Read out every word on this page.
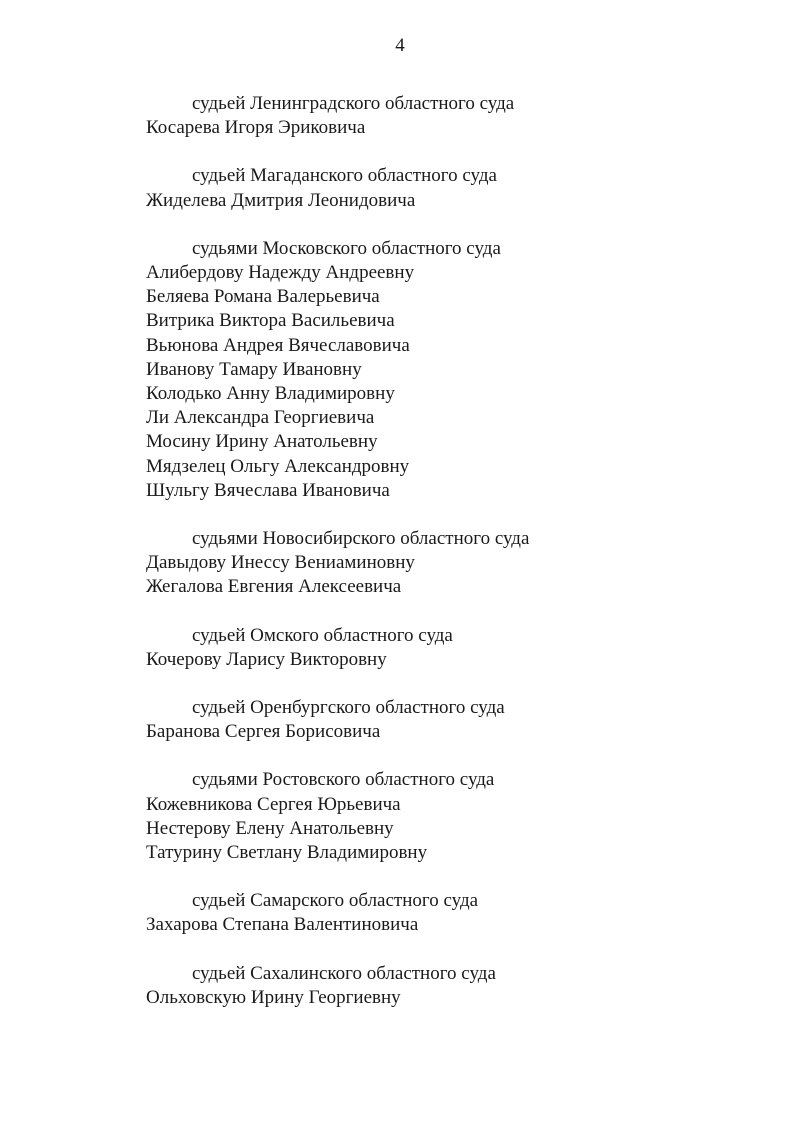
4
судьей Ленинградского областного суда
Косарева Игоря Эриковича
судьей Магаданского областного суда
Жиделева Дмитрия Леонидовича
судьями Московского областного суда
Алибердову Надежду Андреевну
Беляева Романа Валерьевича
Витрика Виктора Васильевича
Вьюнова Андрея Вячеславовича
Иванову Тамару Ивановну
Колодько Анну Владимировну
Ли Александра Георгиевича
Мосину Ирину Анатольевну
Мядзелец Ольгу Александровну
Шульгу Вячеслава Ивановича
судьями Новосибирского областного суда
Давыдову Инессу Вениаминовну
Жегалова Евгения Алексеевича
судьей Омского областного суда
Кочерову Ларису Викторовну
судьей Оренбургского областного суда
Баранова Сергея Борисовича
судьями Ростовского областного суда
Кожевникова Сергея Юрьевича
Нестерову Елену Анатольевну
Татурину Светлану Владимировну
судьей Самарского областного суда
Захарова Степана Валентиновича
судьей Сахалинского областного суда
Ольховскую Ирину Георгиевну
